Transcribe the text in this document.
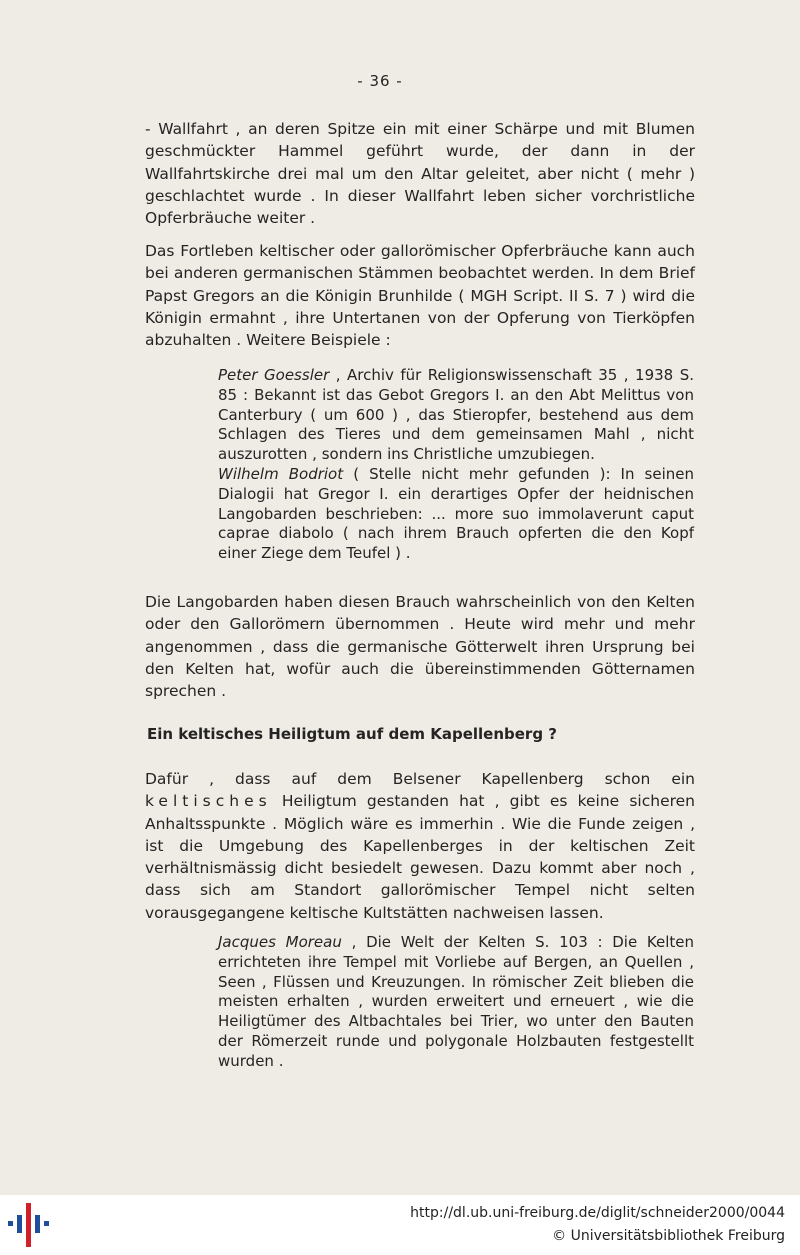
- 36 -
- Wallfahrt , an deren Spitze ein mit einer Schärpe und mit Blumen geschmückter Hammel geführt wurde, der dann in der Wallfahrtskirche drei mal um den Altar geleitet, aber nicht ( mehr ) geschlachtet wurde . In dieser Wallfahrt leben sicher vorchristliche Opferbräuche weiter .
Das Fortleben keltischer oder gallorömischer Opferbräuche kann auch bei anderen germanischen Stämmen beobachtet werden. In dem Brief Papst Gregors an die Königin Brunhilde ( MGH Script. II S. 7 ) wird die Königin ermahnt , ihre Untertanen von der Opferung von Tierköpfen abzuhalten . Weitere Beispiele :

Peter Goessler , Archiv für Religionswissenschaft 35 , 1938 S. 85 : Bekannt ist das Gebot Gregors I. an den Abt Melittus von Canterbury ( um 600 ) , das Stieropfer, bestehend aus dem Schlagen des Tieres und dem gemeinsamen Mahl , nicht auszurotten , sondern ins Christliche umzubiegen.

Wilhelm Bodriot ( Stelle nicht mehr gefunden ): In seinen Dialogii hat Gregor I. ein derartiges Opfer der heidnischen Langobarden beschrieben: ... more suo immolaverunt caput caprae diabolo ( nach ihrem Brauch opferten die den Kopf einer Ziege dem Teufel ) .

Die Langobarden haben diesen Brauch wahrscheinlich von den Kelten oder den Gallorömern übernommen . Heute wird mehr und mehr angenommen , dass die germanische Götterwelt ihren Ursprung bei den Kelten hat, wofür auch die übereinstimmenden Götternamen sprechen .
Ein keltisches Heiligtum auf dem Kapellenberg ?
Dafür , dass auf dem Belsener Kapellenberg schon ein keltisches Heiligtum gestanden hat , gibt es keine sicheren Anhaltsspunkte . Möglich wäre es immerhin . Wie die Funde zeigen , ist die Umgebung des Kapellenberges in der keltischen Zeit verhältnismässig dicht besiedelt gewesen. Dazu kommt aber noch , dass sich am Standort gallorömischer Tempel nicht selten vorausgegangene keltische Kultstätten nachweisen lassen.

Jacques Moreau , Die Welt der Kelten S. 103 : Die Kelten errichteten ihre Tempel mit Vorliebe auf Bergen, an Quellen , Seen , Flüssen und Kreuzungen. In römischer Zeit blieben die meisten erhalten , wurden erweitert und erneuert , wie die Heiligtümer des Altbachtales bei Trier, wo unter den Bauten der Römerzeit runde und polygonale Holzbauten festgestellt wurden .

http://dl.ub.uni-freiburg.de/diglit/schneider2000/0044
© Universitätsbibliothek Freiburg
